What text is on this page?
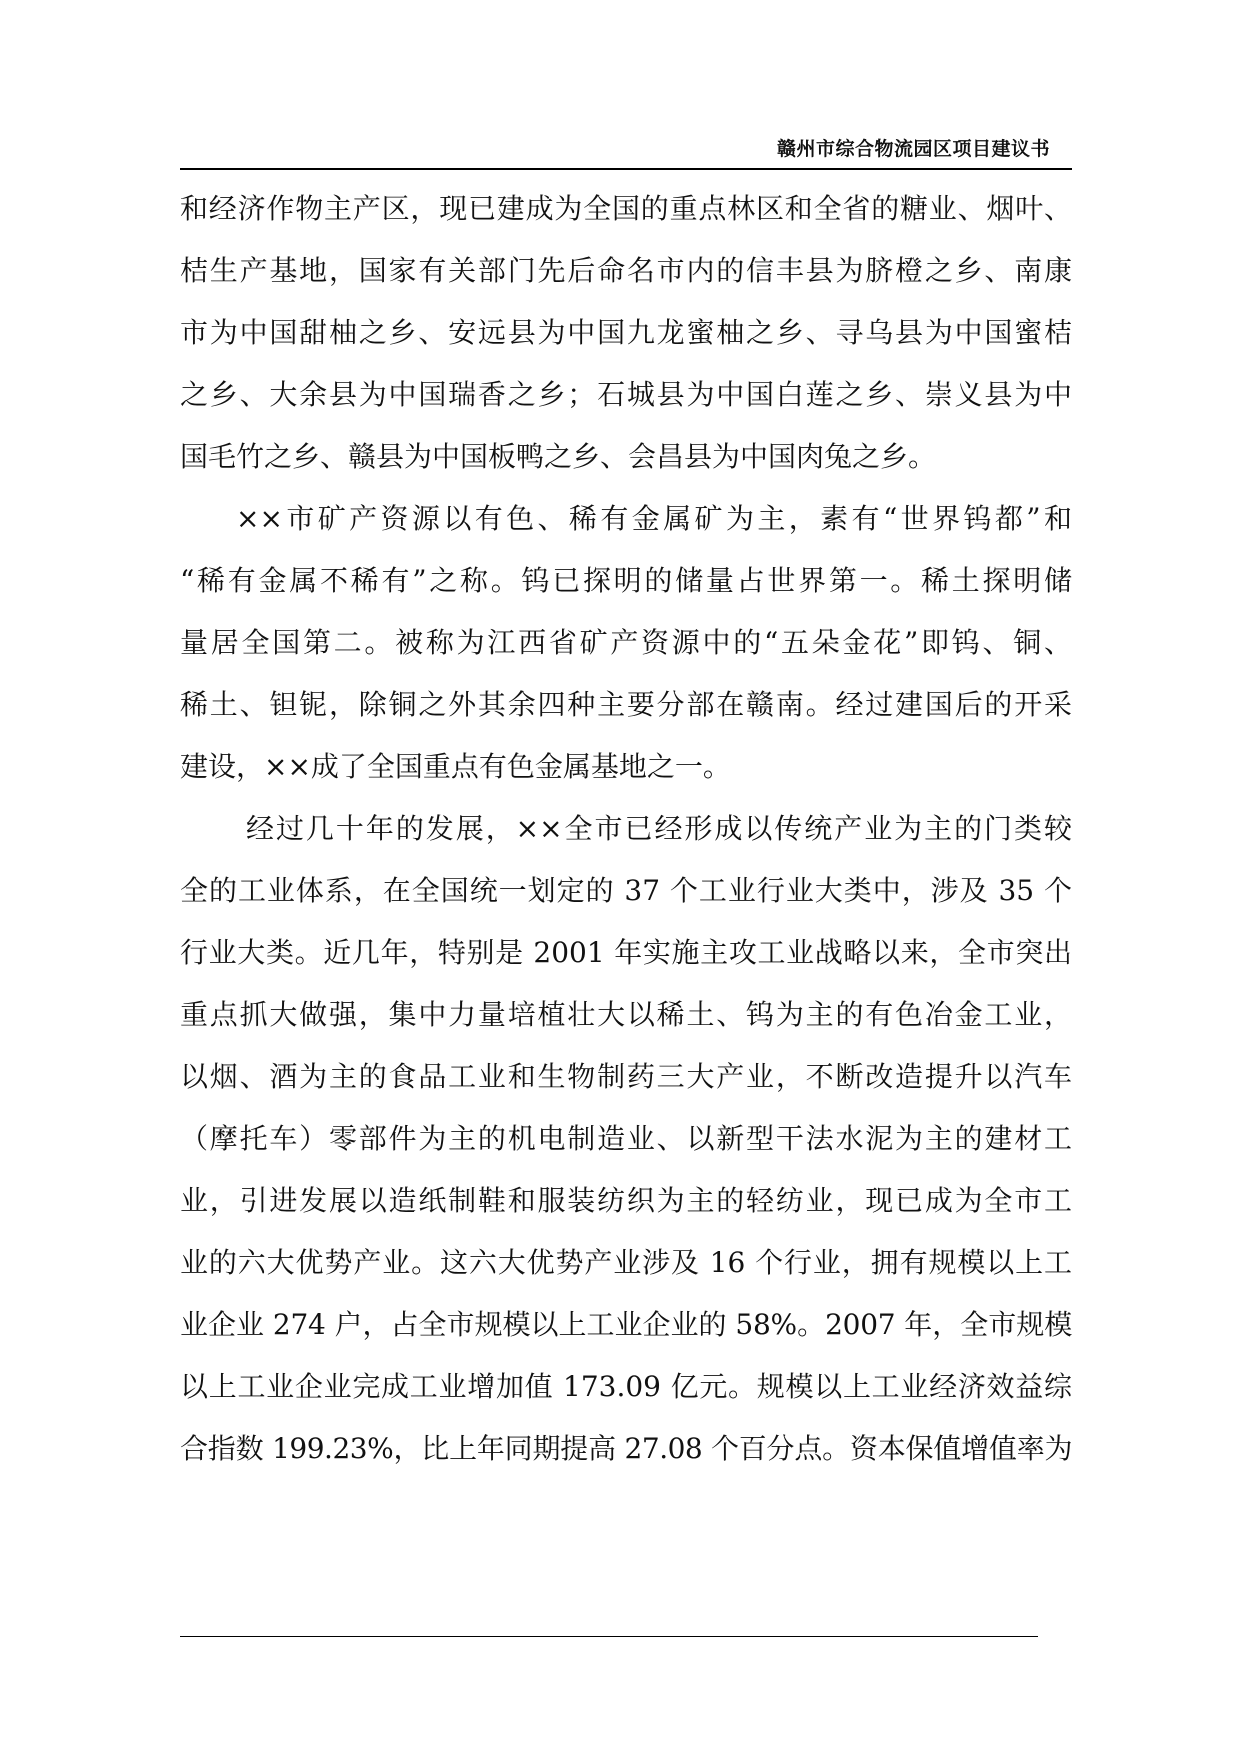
赣州市综合物流园区项目建议书
和经济作物主产区，现已建成为全国的重点林区和全省的糖业、烟叶、
桔生产基地，国家有关部门先后命名市内的信丰县为脐橙之乡、南康
市为中国甜柚之乡、安远县为中国九龙蜜柚之乡、寻乌县为中国蜜桔
之乡、大余县为中国瑞香之乡；石城县为中国白莲之乡、崇义县为中
国毛竹之乡、赣县为中国板鸭之乡、会昌县为中国肉兔之乡。
××市矿产资源以有色、稀有金属矿为主，素有“世界钨都”和
“稀有金属不稀有”之称。钨已探明的储量占世界第一。稀土探明储
量居全国第二。被称为江西省矿产资源中的“五朵金花”即钨、铜、
稀土、钽铌，除铜之外其余四种主要分部在赣南。经过建国后的开采
建设，××成了全国重点有色金属基地之一。
经过几十年的发展，××全市已经形成以传统产业为主的门类较
全的工业体系，在全国统一划定的 37 个工业行业大类中，涉及 35 个
行业大类。近几年，特别是 2001 年实施主攻工业战略以来，全市突出
重点抓大做强，集中力量培植壮大以稀土、钨为主的有色冶金工业，
以烟、酒为主的食品工业和生物制药三大产业，不断改造提升以汽车
（摩托车）零部件为主的机电制造业、以新型干法水泥为主的建材工
业，引进发展以造纸制鞋和服装纺织为主的轻纺业，现已成为全市工
业的六大优势产业。这六大优势产业涉及 16 个行业，拥有规模以上工
业企业 274 户，占全市规模以上工业企业的 58%。2007 年，全市规模
以上工业企业完成工业增加值 173.09 亿元。规模以上工业经济效益综
合指数 199.23%，比上年同期提高 27.08 个百分点。资本保值增值率为
